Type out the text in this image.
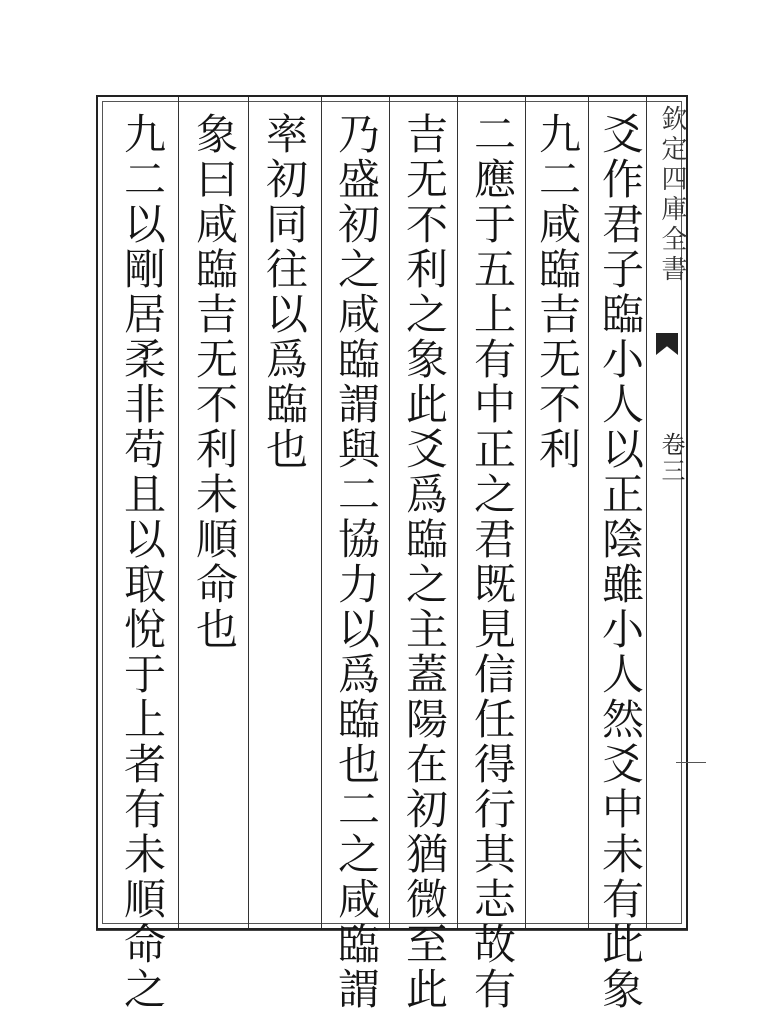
欽定四庫全書
卷三
爻作君子臨小人以正陰雖小人然爻中未有此象
九二咸臨吉无不利
二應于五上有中正之君既見信任得行其志故有
吉无不利之象此爻爲臨之主蓋陽在初猶微至此
乃盛初之咸臨謂與二協力以爲臨也二之咸臨謂
率初同往以爲臨也
象曰咸臨吉无不利未順命也
九二以剛居柔非苟且以取悅于上者有未順命之
